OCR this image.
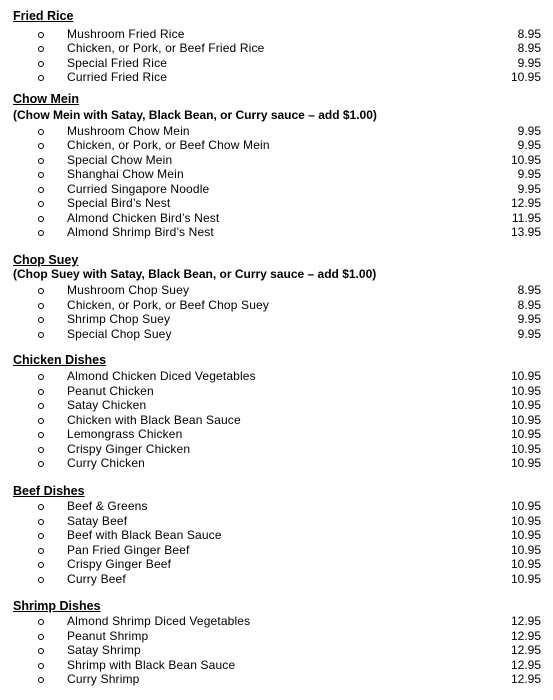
Fried Rice
Mushroom Fried Rice	8.95
Chicken, or Pork, or Beef Fried Rice	8.95
Special Fried Rice	9.95
Curried Fried Rice	10.95
Chow Mein
(Chow Mein with Satay, Black Bean, or Curry sauce – add $1.00)
Mushroom Chow Mein	9.95
Chicken, or Pork, or Beef Chow Mein	9.95
Special Chow Mein	10.95
Shanghai Chow Mein	9.95
Curried Singapore Noodle	9.95
Special Bird’s Nest	12.95
Almond Chicken Bird’s Nest	11.95
Almond Shrimp Bird’s Nest	13.95
Chop Suey
(Chop Suey with Satay, Black Bean, or Curry sauce – add $1.00)
Mushroom Chop Suey	8.95
Chicken, or Pork, or Beef Chop Suey	8.95
Shrimp Chop Suey	9.95
Special Chop Suey	9.95
Chicken Dishes
Almond Chicken Diced Vegetables	10.95
Peanut Chicken	10.95
Satay Chicken	10.95
Chicken with Black Bean Sauce	10.95
Lemongrass Chicken	10.95
Crispy Ginger Chicken	10.95
Curry Chicken	10.95
Beef Dishes
Beef & Greens	10.95
Satay Beef	10.95
Beef with Black Bean Sauce	10.95
Pan Fried Ginger Beef	10.95
Crispy Ginger Beef	10.95
Curry Beef	10.95
Shrimp Dishes
Almond Shrimp Diced Vegetables	12.95
Peanut Shrimp	12.95
Satay Shrimp	12.95
Shrimp with Black Bean Sauce	12.95
Curry Shrimp	12.95
